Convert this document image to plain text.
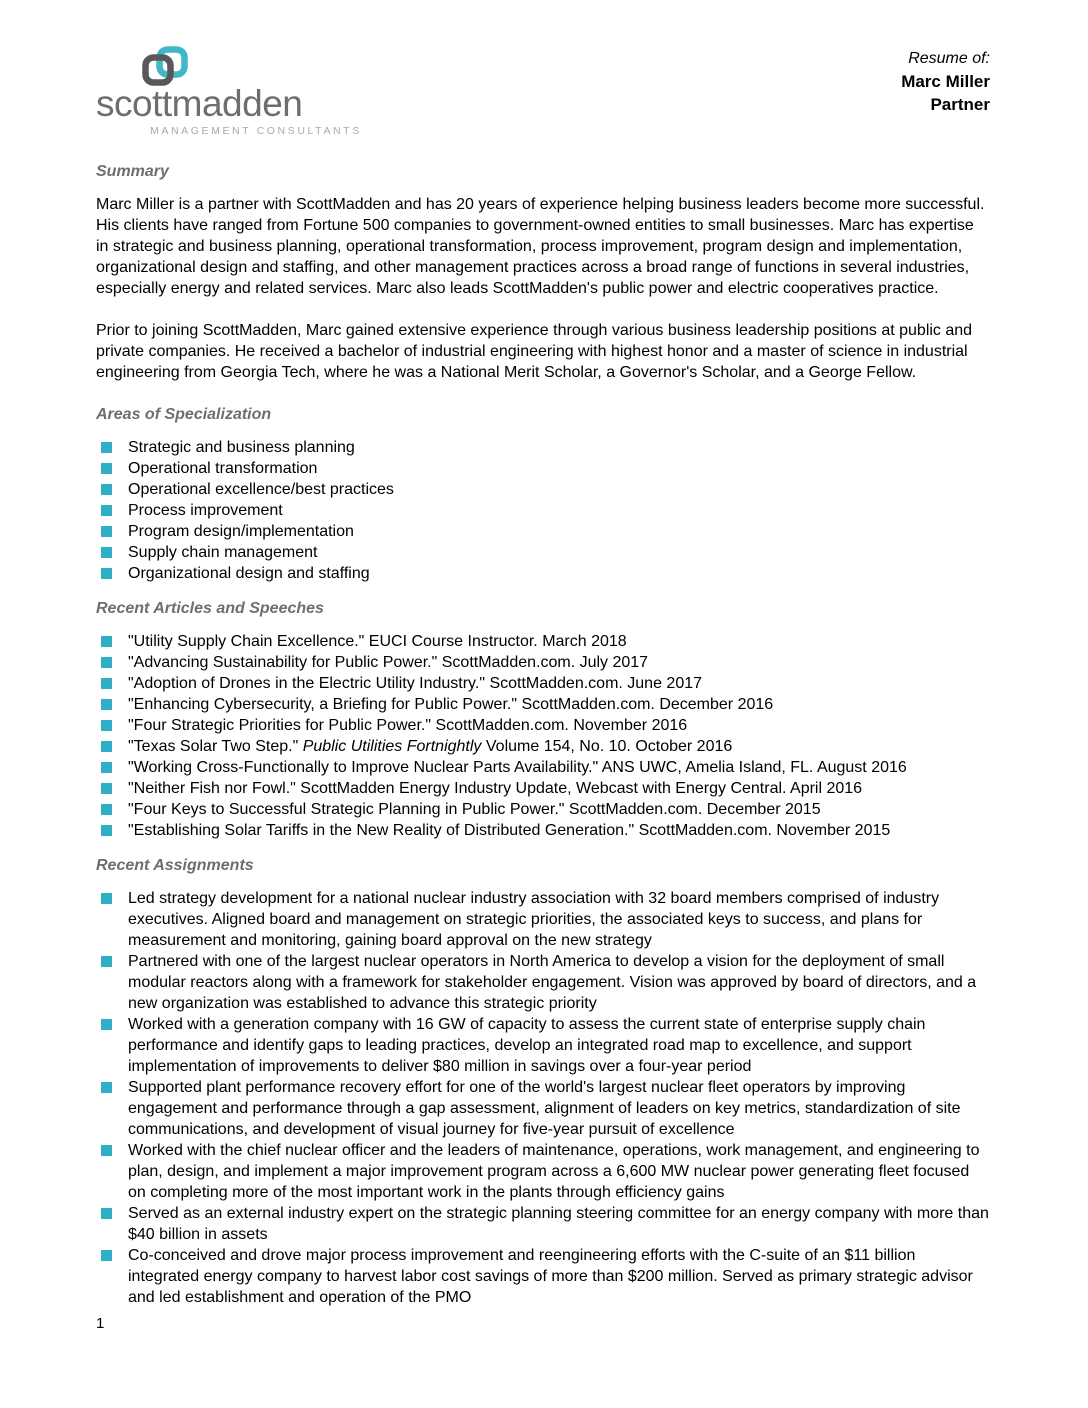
scottmadden
MANAGEMENT CONSULTANTS
Resume of:
Marc Miller
Partner
Summary

Marc Miller is a partner with ScottMadden and has 20 years of experience helping business leaders become more successful. His clients have ranged from Fortune 500 companies to government-owned entities to small businesses. Marc has expertise in strategic and business planning, operational transformation, process improvement, program design and implementation, organizational design and staffing, and other management practices across a broad range of functions in several industries, especially energy and related services. Marc also leads ScottMadden's public power and electric cooperatives practice.

Prior to joining ScottMadden, Marc gained extensive experience through various business leadership positions at public and private companies. He received a bachelor of industrial engineering with highest honor and a master of science in industrial engineering from Georgia Tech, where he was a National Merit Scholar, a Governor's Scholar, and a George Fellow.

Areas of Specialization
Strategic and business planning
Operational transformation
Operational excellence/best practices
Process improvement
Program design/implementation
Supply chain management
Organizational design and staffing
Recent Articles and Speeches
"Utility Supply Chain Excellence." EUCI Course Instructor. March 2018
"Advancing Sustainability for Public Power." ScottMadden.com. July 2017
"Adoption of Drones in the Electric Utility Industry." ScottMadden.com. June 2017
"Enhancing Cybersecurity, a Briefing for Public Power." ScottMadden.com. December 2016
"Four Strategic Priorities for Public Power." ScottMadden.com. November 2016
"Texas Solar Two Step." Public Utilities Fortnightly Volume 154, No. 10. October 2016
"Working Cross-Functionally to Improve Nuclear Parts Availability." ANS UWC, Amelia Island, FL. August 2016
"Neither Fish nor Fowl." ScottMadden Energy Industry Update, Webcast with Energy Central. April 2016
"Four Keys to Successful Strategic Planning in Public Power." ScottMadden.com. December 2015
"Establishing Solar Tariffs in the New Reality of Distributed Generation." ScottMadden.com. November 2015
Recent Assignments
Led strategy development for a national nuclear industry association with 32 board members comprised of industry executives. Aligned board and management on strategic priorities, the associated keys to success, and plans for measurement and monitoring, gaining board approval on the new strategy
Partnered with one of the largest nuclear operators in North America to develop a vision for the deployment of small modular reactors along with a framework for stakeholder engagement. Vision was approved by board of directors, and a new organization was established to advance this strategic priority
Worked with a generation company with 16 GW of capacity to assess the current state of enterprise supply chain performance and identify gaps to leading practices, develop an integrated road map to excellence, and support implementation of improvements to deliver $80 million in savings over a four-year period
Supported plant performance recovery effort for one of the world's largest nuclear fleet operators by improving engagement and performance through a gap assessment, alignment of leaders on key metrics, standardization of site communications, and development of visual journey for five-year pursuit of excellence
Worked with the chief nuclear officer and the leaders of maintenance, operations, work management, and engineering to plan, design, and implement a major improvement program across a 6,600 MW nuclear power generating fleet focused on completing more of the most important work in the plants through efficiency gains
Served as an external industry expert on the strategic planning steering committee for an energy company with more than $40 billion in assets
Co-conceived and drove major process improvement and reengineering efforts with the C-suite of an $11 billion integrated energy company to harvest labor cost savings of more than $200 million. Served as primary strategic advisor and led establishment and operation of the PMO
1
